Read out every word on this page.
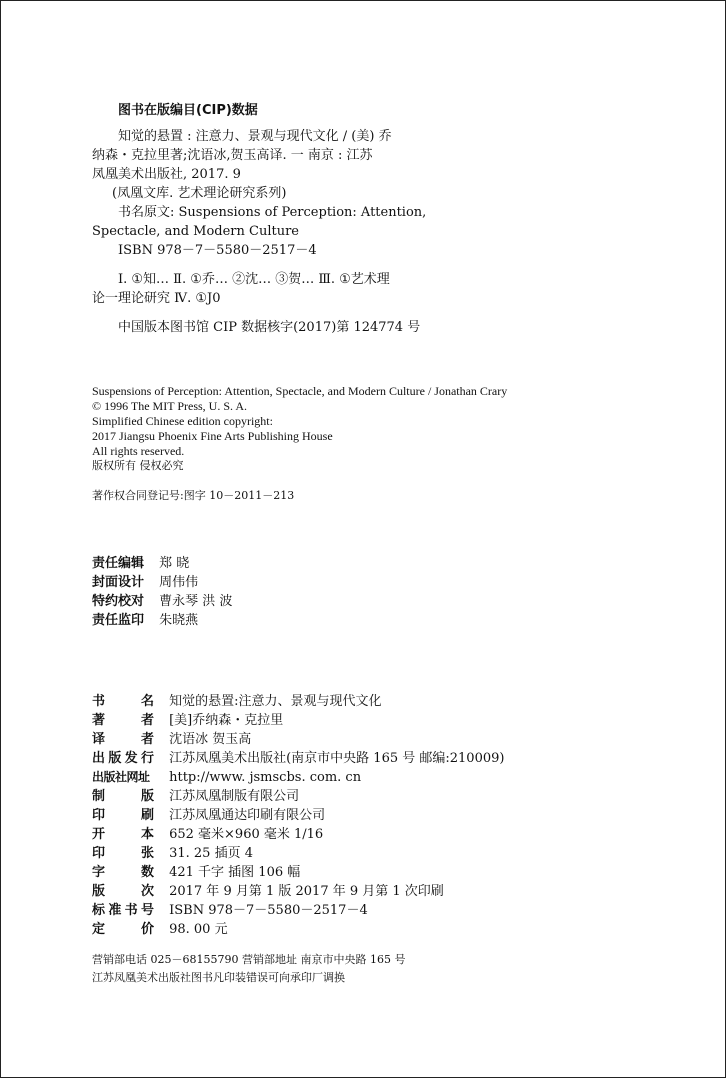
图书在版编目(CIP)数据
知觉的悬置 : 注意力、景观与现代文化 / (美) 乔
纳森・克拉里著;沈语冰,贺玉高译. 一 南京 : 江苏
凤凰美术出版社, 2017. 9
(凤凰文库. 艺术理论研究系列)
书名原文: Suspensions of Perception: Attention,
Spectacle, and Modern Culture
ISBN 978－7－5580－2517－4
Ⅰ. ①知… Ⅱ. ①乔… ②沈… ③贺… Ⅲ. ①艺术理
论一理论研究 Ⅳ. ①J0
中国版本图书馆 CIP 数据核字(2017)第 124774 号
Suspensions of Perception: Attention, Spectacle, and Modern Culture / Jonathan Crary
© 1996 The MIT Press, U. S. A.
Simplified Chinese edition copyright:
2017 Jiangsu Phoenix Fine Arts Publishing House
All rights reserved.
版权所有 侵权必究
著作权合同登记号:图字 10－2011－213
责任编辑 郑 晓
封面设计 周伟伟
特约校对 曹永琴 洪 波
责任监印 朱晓燕
书名 知觉的悬置:注意力、景观与现代文化
著者 [美]乔纳森・克拉里
译者 沈语冰 贺玉高
出版发行 江苏凤凰美术出版社(南京市中央路 165 号 邮编:210009)
出版社网址 http://www. jsmscbs. com. cn
制版 江苏凤凰制版有限公司
印刷 江苏凤凰通达印刷有限公司
开本 652 毫米×960 毫米 1/16
印张 31. 25 插页 4
字数 421 千字 插图 106 幅
版次 2017 年 9 月第 1 版 2017 年 9 月第 1 次印刷
标准书号 ISBN 978－7－5580－2517－4
定价 98. 00 元
营销部电话 025－68155790 营销部地址 南京市中央路 165 号
江苏凤凰美术出版社图书凡印装错误可向承印厂调换
